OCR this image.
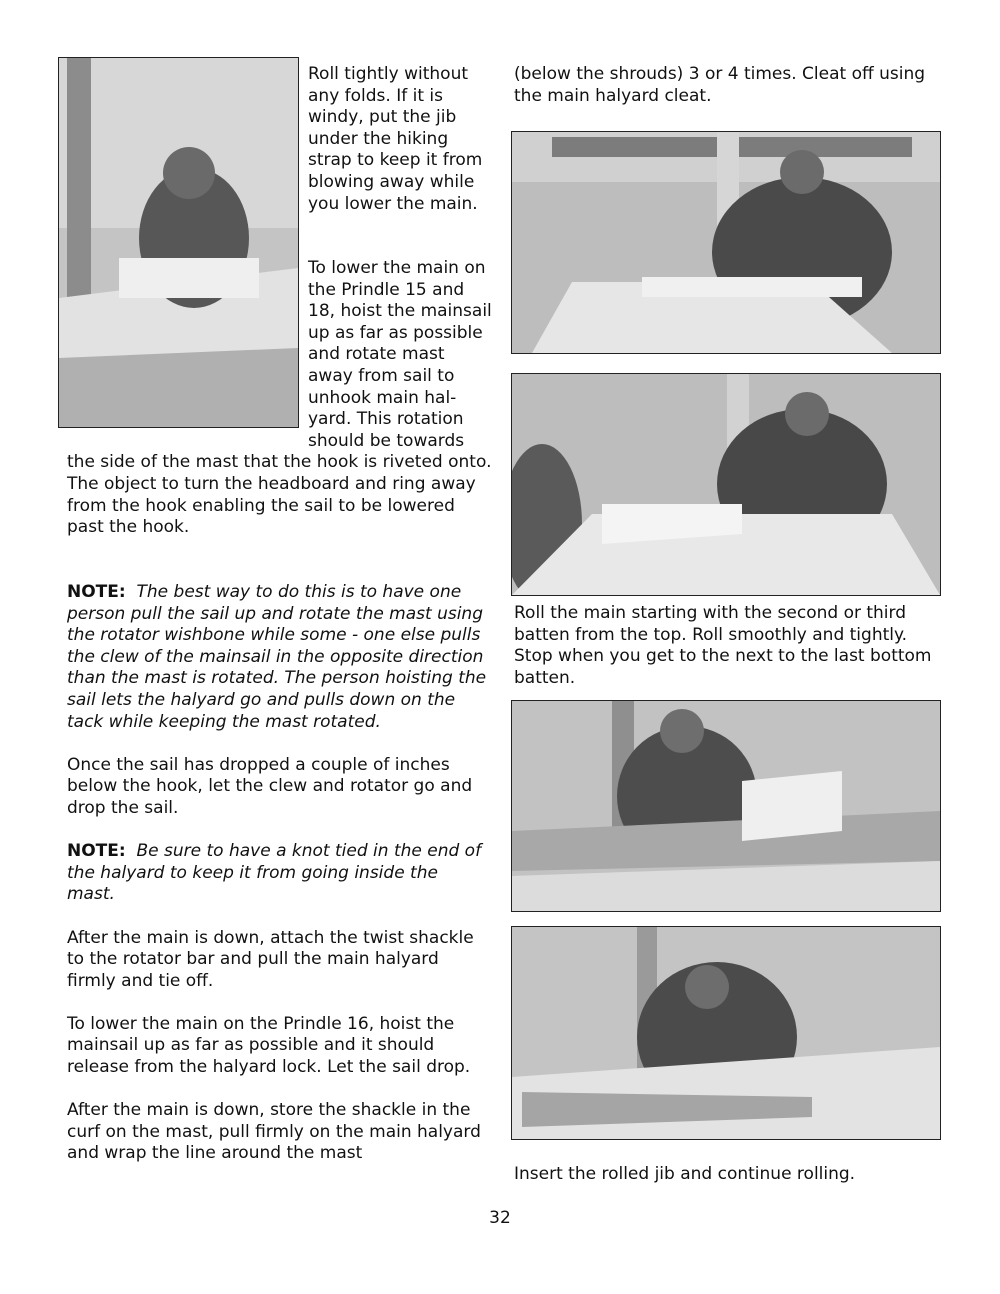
Roll tightly without any folds. If it is windy, put the jib under the hiking strap to keep it from blowing away while you lower the main.

To lower the main on the Prindle 15 and 18, hoist the mainsail up as far as possible and rotate mast away from sail to unhook main hal-yard. This rotation should be towards the side of the mast that the hook is riveted onto. The object to turn the headboard and ring away from the hook enabling the sail to be lowered past the hook.

NOTE: The best way to do this is to have one person pull the sail up and rotate the mast using the rotator wishbone while some - one else pulls the clew of the mainsail in the opposite direction than the mast is rotated. The person hoisting the sail lets the halyard go and pulls down on the tack while keeping the mast rotated.

Once the sail has dropped a couple of inches below the hook, let the clew and rotator go and drop the sail.

NOTE: Be sure to have a knot tied in the end of the halyard to keep it from going inside the mast.

After the main is down, attach the twist shackle to the rotator bar and pull the main halyard firmly and tie off.

To lower the main on the Prindle 16, hoist the mainsail up as far as possible and it should release from the halyard lock. Let the sail drop.

After the main is down, store the shackle in the curf on the mast, pull firmly on the main halyard and wrap the line around the mast

(below the shrouds) 3 or 4 times. Cleat off using the main halyard cleat.

Roll the main starting with the second or third batten from the top. Roll smoothly and tightly. Stop when you get to the next to the last bottom batten.

Insert the rolled jib and continue rolling.

32
